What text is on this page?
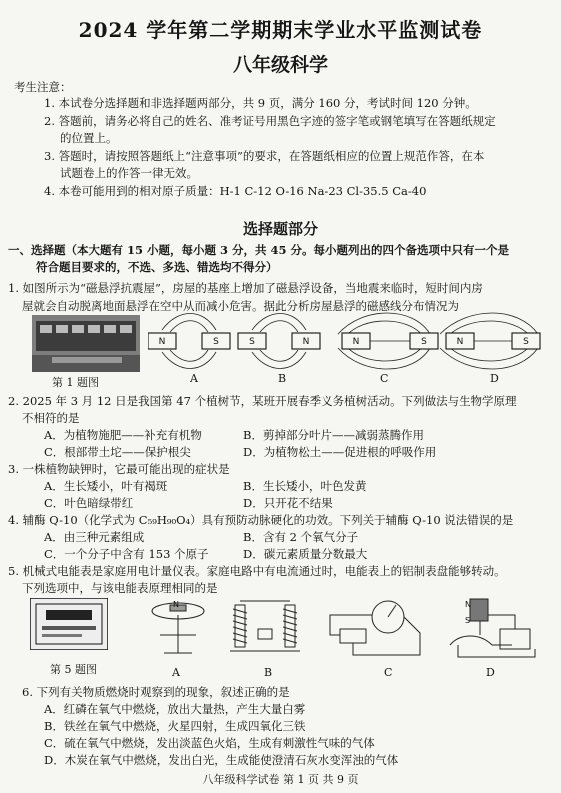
2024 学年第二学期期末学业水平监测试卷
八年级科学
考生注意：
1. 本试卷分选择题和非选择题两部分，共 9 页，满分 160 分，考试时间 120 分钟。
2. 答题前，请务必将自己的姓名、准考证号用黑色字迹的签字笔或钢笔填写在答题纸规定
的位置上。
3. 答题时，请按照答题纸上“注意事项”的要求，在答题纸相应的位置上规范作答，在本
试题卷上的作答一律无效。
4. 本卷可能用到的相对原子质量：H-1 C-12 O-16 Na-23 Cl-35.5 Ca-40
选择题部分
一、选择题（本大题有 15 小题，每小题 3 分，共 45 分。每小题列出的四个备选项中只有一个是
符合题目要求的，不选、多选、错选均不得分）
1. 如图所示为“磁悬浮抗震屋”，房屋的基座上增加了磁悬浮设备，当地震来临时，短时间内房
屋就会自动脱离地面悬浮在空中从而减小危害。据此分析房屋悬浮的磁感线分布情况为
第 1 题图
N	S	S	N	N	S	N	S
A	B	C	D
2. 2025 年 3 月 12 日是我国第 47 个植树节，某班开展春季义务植树活动。下列做法与生物学原理
不相符的是
A．为植物施肥——补充有机物	B．剪掉部分叶片——减弱蒸腾作用
C．根部带土坨——保护根尖	D．为植物松土——促进根的呼吸作用
3. 一株植物缺钾时，它最可能出现的症状是
A．生长矮小，叶有褐斑	B．生长矮小，叶色发黄
C．叶色暗绿带红	D．只开花不结果
4. 辅酶 Q-10（化学式为 C₅₉H₉₀O₄）具有预防动脉硬化的功效。下列关于辅酶 Q-10 说法错误的是
A．由三种元素组成	B．含有 2 个氧气分子
C．一个分子中含有 153 个原子	D．碳元素质量分数最大
5. 机械式电能表是家庭用电计量仪表。家庭电路中有电流通过时，电能表上的铝制表盘能够转动。
下列选项中，与该电能表原理相同的是
第 5 题图
N	N
S
A	B	C	D
6. 下列有关物质燃烧时观察到的现象，叙述正确的是
A．红磷在氧气中燃烧，放出大量热，产生大量白雾
B．铁丝在氧气中燃烧，火星四射，生成四氧化三铁
C．硫在氧气中燃烧，发出淡蓝色火焰，生成有刺激性气味的气体
D．木炭在氧气中燃烧，发出白光，生成能使澄清石灰水变浑浊的气体
八年级科学试卷 第 1 页 共 9 页
